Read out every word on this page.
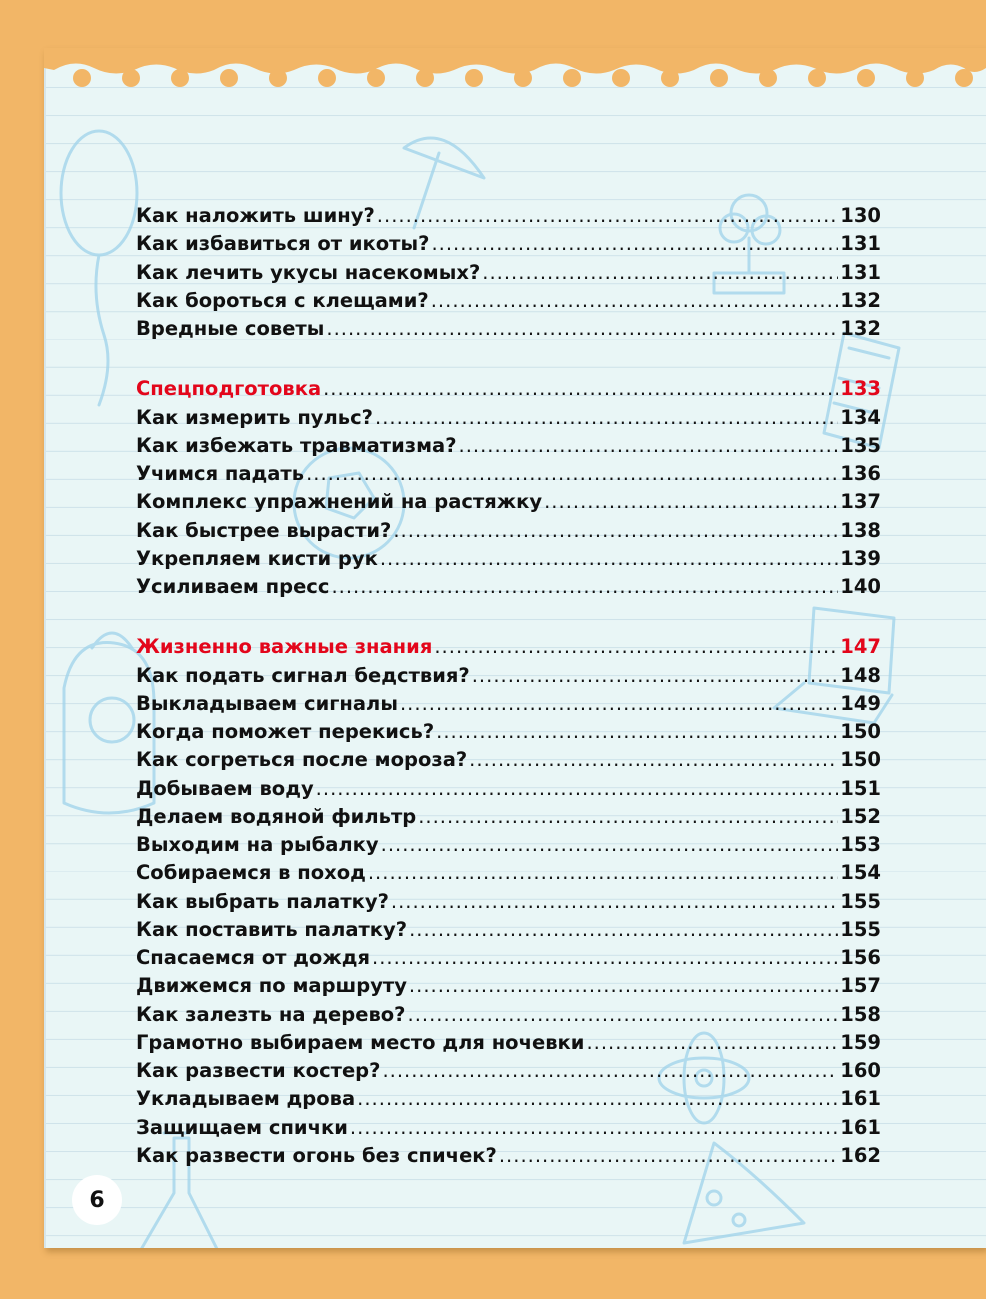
Как наложить шину? .....	130
Как избавиться от икоты? .....	131
Как лечить укусы насекомых? .....	131
Как бороться с клещами? .....	132
Вредные советы .....	132
Спецподготовка .....	133
Как измерить пульс? .....	134
Как избежать травматизма? .....	135
Учимся падать .....	136
Комплекс упражнений на растяжку .....	137
Как быстрее вырасти? .....	138
Укрепляем кисти рук .....	139
Усиливаем пресс .....	140
Жизненно важные знания .....	147
Как подать сигнал бедствия? .....	148
Выкладываем сигналы .....	149
Когда поможет перекись? .....	150
Как согреться после мороза? .....	150
Добываем воду .....	151
Делаем водяной фильтр .....	152
Выходим на рыбалку .....	153
Собираемся в поход .....	154
Как выбрать палатку? .....	155
Как поставить палатку? .....	155
Спасаемся от дождя .....	156
Движемся по маршруту .....	157
Как залезть на дерево? .....	158
Грамотно выбираем место для ночевки .....	159
Как развести костер? .....	160
Укладываем дрова .....	161
Защищаем спички .....	161
Как развести огонь без спичек? .....	162
6
